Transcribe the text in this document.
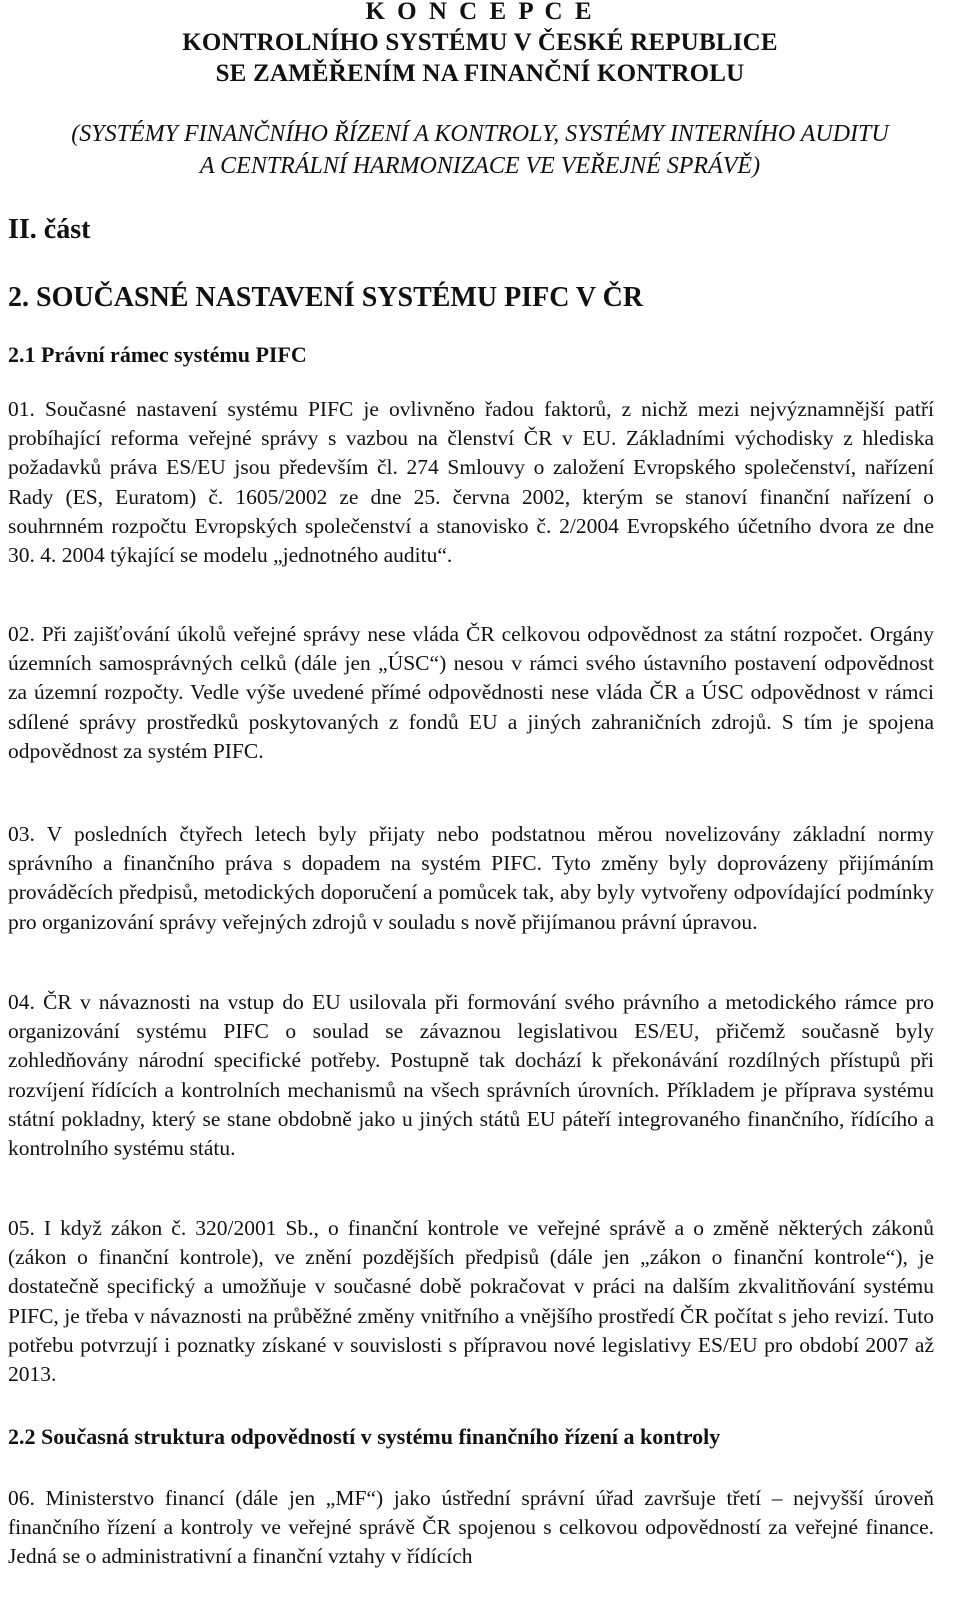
K O N C E P C E
KONTROLNÍHO SYSTÉMU V ČESKÉ REPUBLICE
SE ZAMĚŘENÍM NA FINANČNÍ KONTROLU
(SYSTÉMY FINANČNÍHO ŘÍZENÍ A KONTROLY, SYSTÉMY INTERNÍHO AUDITU
A CENTRÁLNÍ HARMONIZACE VE VEŘEJNÉ SPRÁVĚ)
II. část
2. SOUČASNÉ NASTAVENÍ SYSTÉMU PIFC V ČR
2.1 Právní rámec systému PIFC
01. Současné nastavení systému PIFC je ovlivněno řadou faktorů, z nichž mezi nejvýznamnější patří probíhající reforma veřejné správy s vazbou na členství ČR v EU. Základními východisky z hlediska požadavků práva ES/EU jsou především čl. 274 Smlouvy o založení Evropského společenství, nařízení Rady (ES, Euratom) č. 1605/2002 ze dne 25. června 2002, kterým se stanoví finanční nařízení o souhrnném rozpočtu Evropských společenství a stanovisko č. 2/2004 Evropského účetního dvora ze dne 30. 4. 2004 týkající se modelu „jednotného auditu“.
02. Při zajišťování úkolů veřejné správy nese vláda ČR celkovou odpovědnost za státní rozpočet. Orgány územních samosprávných celků (dále jen „ÚSC“) nesou v rámci svého ústavního postavení odpovědnost za územní rozpočty. Vedle výše uvedené přímé odpovědnosti nese vláda ČR a ÚSC odpovědnost v rámci sdílené správy prostředků poskytovaných z fondů EU a jiných zahraničních zdrojů. S tím je spojena odpovědnost za systém PIFC.
03. V posledních čtyřech letech byly přijaty nebo podstatnou měrou novelizovány základní normy správního a finančního práva s dopadem na systém PIFC. Tyto změny byly doprovázeny přijímáním prováděcích předpisů, metodických doporučení a pomůcek tak, aby byly vytvořeny odpovídající podmínky pro organizování správy veřejných zdrojů v souladu s nově přijímanou právní úpravou.
04. ČR v návaznosti na vstup do EU usilovala při formování svého právního a metodického rámce pro organizování systému PIFC o soulad se závaznou legislativou ES/EU, přičemž současně byly zohledňovány národní specifické potřeby. Postupně tak dochází k překonávání rozdílných přístupů při rozvíjení řídících a kontrolních mechanismů na všech správních úrovních. Příkladem je příprava systému státní pokladny, který se stane obdobně jako u jiných států EU páteří integrovaného finančního, řídícího a kontrolního systému státu.
05. I když zákon č. 320/2001 Sb., o finanční kontrole ve veřejné správě a o změně některých zákonů (zákon o finanční kontrole), ve znění pozdějších předpisů (dále jen „zákon o finanční kontrole“), je dostatečně specifický a umožňuje v současné době pokračovat v práci na dalším zkvalitňování systému PIFC, je třeba v návaznosti na průběžné změny vnitřního a vnějšího prostředí ČR počítat s jeho revizí. Tuto potřebu potvrzují i poznatky získané v souvislosti s přípravou nové legislativy ES/EU pro období 2007 až 2013.
2.2 Současná struktura odpovědností v systému finančního řízení a kontroly
06. Ministerstvo financí (dále jen „MF“) jako ústřední správní úřad završuje třetí – nejvyšší úroveň finančního řízení a kontroly ve veřejné správě ČR spojenou s celkovou odpovědností za veřejné finance. Jedná se o administrativní a finanční vztahy v řídících
